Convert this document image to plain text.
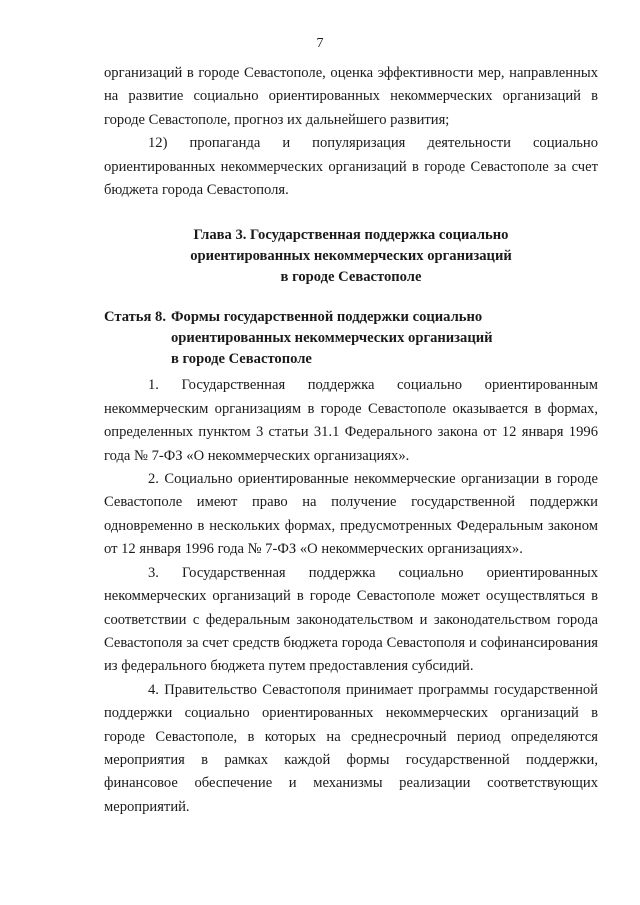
7

организаций в городе Севастополе, оценка эффективности мер, направленных на развитие социально ориентированных некоммерческих организаций в городе Севастополе, прогноз их дальнейшего развития;

12) пропаганда и популяризация деятельности социально ориентированных некоммерческих организаций в городе Севастополе за счет бюджета города Севастополя.

Глава 3. Государственная поддержка социально
ориентированных некоммерческих организаций
в городе Севастополе
Статья 8. Формы государственной поддержки социально
ориентированных некоммерческих организаций
в городе Севастополе

1. Государственная поддержка социально ориентированным некоммерческим организациям в городе Севастополе оказывается в формах, определенных пунктом 3 статьи 31.1 Федерального закона от 12 января 1996 года № 7-ФЗ «О некоммерческих организациях».

2. Социально ориентированные некоммерческие организации в городе Севастополе имеют право на получение государственной поддержки одновременно в нескольких формах, предусмотренных Федеральным законом от 12 января 1996 года № 7-ФЗ «О некоммерческих организациях».

3. Государственная поддержка социально ориентированных некоммерческих организаций в городе Севастополе может осуществляться в соответствии с федеральным законодательством и законодательством города Севастополя за счет средств бюджета города Севастополя и софинансирования из федерального бюджета путем предоставления субсидий.

4. Правительство Севастополя принимает программы государственной поддержки социально ориентированных некоммерческих организаций в городе Севастополе, в которых на среднесрочный период определяются мероприятия в рамках каждой формы государственной поддержки, финансовое обеспечение и механизмы реализации соответствующих мероприятий.
